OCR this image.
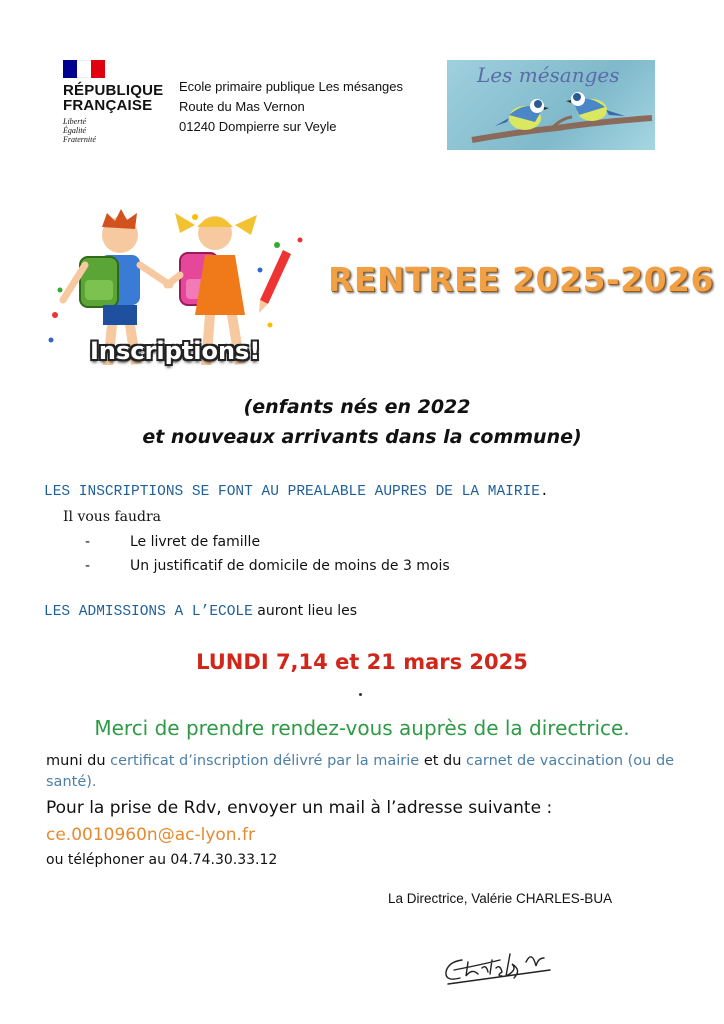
RÉPUBLIQUE
FRANÇAISE
Liberté
Égalité
Fraternité
Ecole primaire publique Les mésanges
Route du Mas Vernon
01240 Dompierre sur Veyle
Les mésanges
Inscriptions!
RENTREE 2025-2026
(enfants nés en 2022
et nouveaux arrivants dans la commune)
LES INSCRIPTIONS SE FONT AU PREALABLE AUPRES DE LA MAIRIE.
Il vous faudra
-	Le livret de famille
-	Un justificatif de domicile de moins de 3 mois
LES ADMISSIONS A L’ECOLE auront lieu les
LUNDI 7,14 et 21 mars 2025
Merci de prendre rendez-vous auprès de la directrice.
muni du certificat d’inscription délivré par la mairie et du carnet de vaccination (ou de santé).
Pour la prise de Rdv, envoyer un mail à l’adresse suivante :
ce.0010960n@ac-lyon.fr
ou téléphoner au 04.74.30.33.12
La Directrice, Valérie CHARLES-BUA
